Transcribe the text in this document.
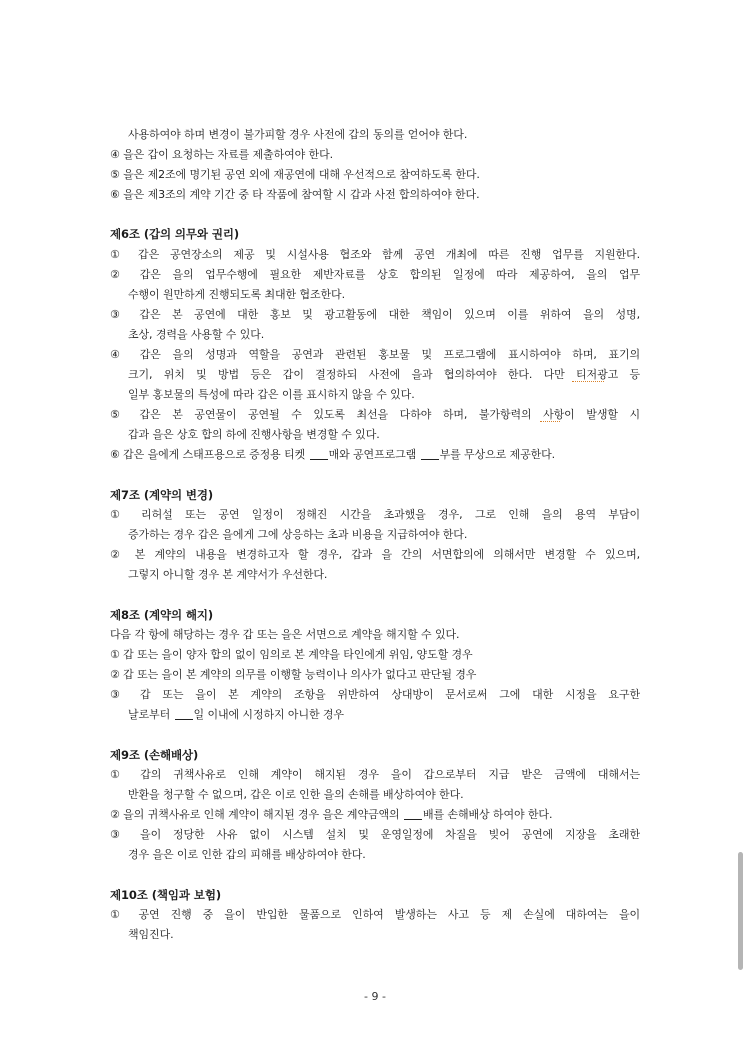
사용하여야 하며 변경이 불가피할 경우 사전에 갑의 동의를 얻어야 한다.
④ 을은 갑이 요청하는 자료를 제출하여야 한다.
⑤ 을은 제2조에 명기된 공연 외에 재공연에 대해 우선적으로 참여하도록 한다.
⑥ 을은 제3조의 계약 기간 중 타 작품에 참여할 시 갑과 사전 합의하여야 한다.
제6조 (갑의 의무와 권리)
① 갑은 공연장소의 제공 및 시설사용 협조와 함께 공연 개최에 따른 진행 업무를 지원한다.
② 갑은 을의 업무수행에 필요한 제반자료를 상호 합의된 일정에 따라 제공하여, 을의 업무
수행이 원만하게 진행되도록 최대한 협조한다.
③ 갑은 본 공연에 대한 홍보 및 광고활동에 대한 책임이 있으며 이를 위하여 을의 성명,
초상, 경력을 사용할 수 있다.
④ 갑은 을의 성명과 역할을 공연과 관련된 홍보물 및 프로그램에 표시하여야 하며, 표기의
크기, 위치 및 방법 등은 갑이 결정하되 사전에 을과 협의하여야 한다. 다만 티저광고 등
일부 홍보물의 특성에 따라 갑은 이를 표시하지 않을 수 있다.
⑤ 갑은 본 공연물이 공연될 수 있도록 최선을 다하야 하며, 불가항력의 사항이 발생할 시
갑과 을은 상호 합의 하에 진행사항을 변경할 수 있다.
⑥ 갑은 을에게 스태프용으로 증정용 티켓 매와 공연프로그램 부를 무상으로 제공한다.
제7조 (계약의 변경)
① 리허설 또는 공연 일정이 정해진 시간을 초과했을 경우, 그로 인해 을의 용역 부담이
증가하는 경우 갑은 을에게 그에 상응하는 초과 비용을 지급하여야 한다.
② 본 계약의 내용을 변경하고자 할 경우, 갑과 을 간의 서면합의에 의해서만 변경할 수 있으며,
그렇지 아니할 경우 본 계약서가 우선한다.
제8조 (계약의 해지)
다음 각 항에 해당하는 경우 갑 또는 을은 서면으로 계약을 해지할 수 있다.
① 갑 또는 을이 양자 합의 없이 임의로 본 계약을 타인에게 위임, 양도할 경우
② 갑 또는 을이 본 계약의 의무를 이행할 능력이나 의사가 없다고 판단될 경우
③ 갑 또는 을이 본 계약의 조항을 위반하여 상대방이 문서로써 그에 대한 시정을 요구한
날로부터 일 이내에 시정하지 아니한 경우
제9조 (손해배상)
① 갑의 귀책사유로 인해 계약이 해지된 경우 을이 갑으로부터 지급 받은 금액에 대해서는
반환을 청구할 수 없으며, 갑은 이로 인한 을의 손해를 배상하여야 한다.
② 을의 귀책사유로 인해 계약이 해지된 경우 을은 계약금액의 배를 손해배상 하여야 한다.
③ 을이 정당한 사유 없이 시스템 설치 및 운영일정에 차질을 빚어 공연에 지장을 초래한
경우 을은 이로 인한 갑의 피해를 배상하여야 한다.
제10조 (책임과 보험)
① 공연 진행 중 을이 반입한 물품으로 인하여 발생하는 사고 등 제 손실에 대하여는 을이
책임진다.
- 9 -
